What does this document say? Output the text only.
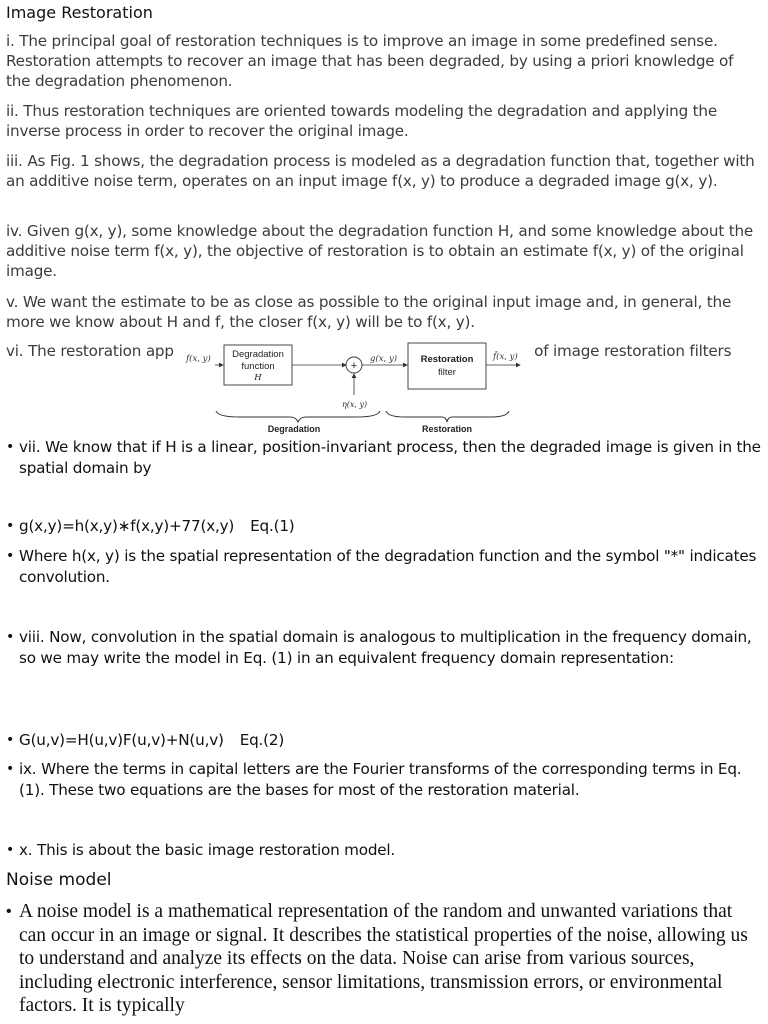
Image Restoration
i. The principal goal of restoration techniques is to improve an image in some predefined sense. Restoration attempts to recover an image that has been degraded, by using a priori knowledge of the degradation phenomenon.
ii. Thus restoration techniques are oriented towards modeling the degradation and applying the inverse process in order to recover the original image.
iii. As Fig. 1 shows, the degradation process is modeled as a degradation function that, together with an additive noise term, operates on an input image f(x, y) to produce a degraded image g(x, y).
iv. Given g(x, y), some knowledge about the degradation function H, and some knowledge about the additive noise term f(x, y), the objective of restoration is to obtain an estimate f(x, y) of the original image.
v. We want the estimate to be as close as possible to the original input image and, in general, the more we know about H and f, the closer f(x, y) will be to f(x, y).
vi. The restoration app	s of image restoration filters
f(x, y) Degradation
function
H
+
η(x, y)
g(x, y) Restoration
filter
f̂(x, y)
Degradation	Restoration
• vii. We know that if H is a linear, position-invariant process, then the degraded image is given in the spatial domain by
• g(x,y)=h(x,y)∗f(x,y)+77(x,y) Eq.(1)
• Where h(x, y) is the spatial representation of the degradation function and the symbol "*" indicates convolution.
• viii. Now, convolution in the spatial domain is analogous to multiplication in the frequency domain, so we may write the model in Eq. (1) in an equivalent frequency domain representation:
• G(u,v)=H(u,v)F(u,v)+N(u,v) Eq.(2)
• ix. Where the terms in capital letters are the Fourier transforms of the corresponding terms in Eq. (1). These two equations are the bases for most of the restoration material.
• x. This is about the basic image restoration model.
Noise model
• A noise model is a mathematical representation of the random and unwanted variations that can occur in an image or signal. It describes the statistical properties of the noise, allowing us to understand and analyze its effects on the data. Noise can arise from various sources, including electronic interference, sensor limitations, transmission errors, or environmental factors. It is typically
